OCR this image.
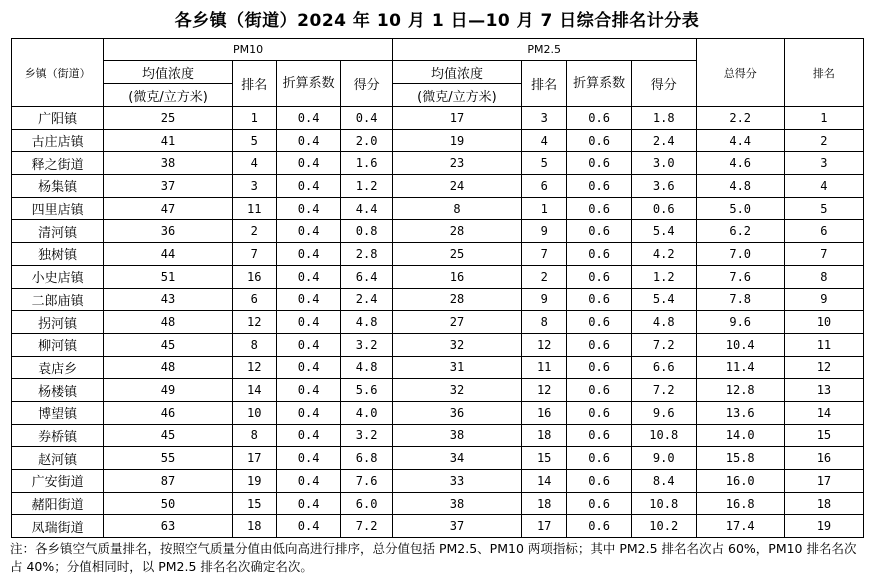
各乡镇（街道）2024 年 10 月 1 日—10 月 7 日综合排名计分表
乡镇（街道）	PM10				PM2.5				总得分	排名
	均值浓度	排名	折算系数	得分	均值浓度	排名	折算系数	得分		
	(微克/立方米)				(微克/立方米)					
广阳镇	25	1	0.4	0.4	17	3	0.6	1.8	2.2	1
古庄店镇	41	5	0.4	2.0	19	4	0.6	2.4	4.4	2
释之街道	38	4	0.4	1.6	23	5	0.6	3.0	4.6	3
杨集镇	37	3	0.4	1.2	24	6	0.6	3.6	4.8	4
四里店镇	47	11	0.4	4.4	8	1	0.6	0.6	5.0	5
清河镇	36	2	0.4	0.8	28	9	0.6	5.4	6.2	6
独树镇	44	7	0.4	2.8	25	7	0.6	4.2	7.0	7
小史店镇	51	16	0.4	6.4	16	2	0.6	1.2	7.6	8
二郎庙镇	43	6	0.4	2.4	28	9	0.6	5.4	7.8	9
拐河镇	48	12	0.4	4.8	27	8	0.6	4.8	9.6	10
柳河镇	45	8	0.4	3.2	32	12	0.6	7.2	10.4	11
袁店乡	48	12	0.4	4.8	31	11	0.6	6.6	11.4	12
杨楼镇	49	14	0.4	5.6	32	12	0.6	7.2	12.8	13
博望镇	46	10	0.4	4.0	36	16	0.6	9.6	13.6	14
券桥镇	45	8	0.4	3.2	38	18	0.6	10.8	14.0	15
赵河镇	55	17	0.4	6.8	34	15	0.6	9.0	15.8	16
广安街道	87	19	0.4	7.6	33	14	0.6	8.4	16.0	17
赭阳街道	50	15	0.4	6.0	38	18	0.6	10.8	16.8	18
凤瑞街道	63	18	0.4	7.2	37	17	0.6	10.2	17.4	19
注：各乡镇空气质量排名，按照空气质量分值由低向高进行排序，总分值包括 PM2.5、PM10 两项指标；其中 PM2.5 排名名次占 60%，PM10 排名名次占 40%；分值相同时，以 PM2.5 排名名次确定名次。
